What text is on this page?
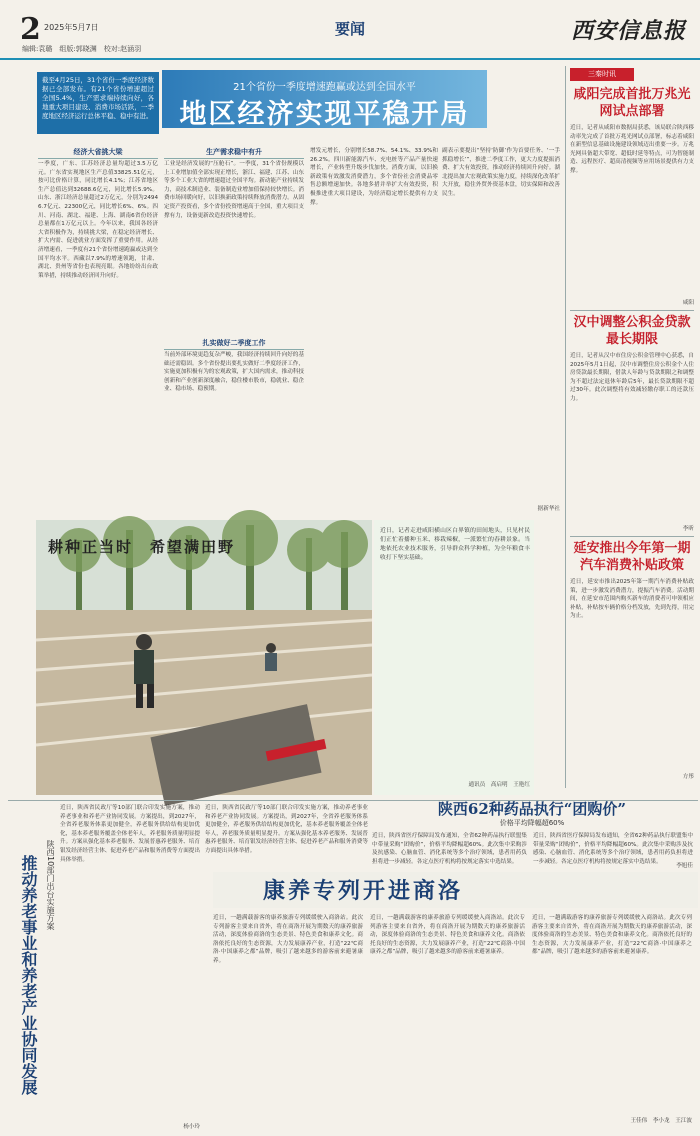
2 2025年5月7日
编辑:袁璐　组版:郭晓渊　校对:赵涵羽
要闻	西安信息报
截至4月25日，31个省份一季度经济数据已全部发布。有21个省份增速超过全国5.4%，生产需求端持续向好，各地重大项目建设、消费市场活跃，一季度地区经济运行总体平稳、稳中有进。
21个省份一季度增速跑赢或达到全国水平
地区经济实现平稳开局
经济大省挑大梁
一季度，广东、江苏经济总量均超过3.5万亿元。广东省实现地区生产总值33825.51亿元，按可比价格计算，同比增长4.1%；江苏省地区生产总值达到32688.6亿元，同比增长5.9%。山东、浙江经济总量超过2万亿元，分别为24946.7亿元、22300亿元，同比增长6%、6%。四川、河南、湖北、福建、上海、湖南6省份经济总量都在1万亿元以上。今年以来，我国各经济大省积极作为，持续挑大梁，在稳定经济增长、扩大内需、促进就业方面发挥了重要作用。从经济增速看，一季度有21个省份增速跑赢或达到全国平均水平。西藏以7.9%的增速领跑，甘肃、湖北、贵州等省份也表现亮眼。各地纷纷出台政策举措，持续推动经济回升向好。
生产需求稳中有升
工业是经济发展的“压舱石”。一季度，31个省份规模以上工业增加值全部实现正增长，浙江、福建、江苏、山东等多个工业大省的增速超过全国平均。新动能产业持续发力，高技术制造业、装备制造业增加值保持较快增长。消费市场回暖向好，以旧换新政策持续释放消费潜力。从固定资产投资看，多个省份投资增速高于全国，重大项目支撑有力，设备更新改造投资快速增长。
扎实做好二季度工作
当前外部环境更趋复杂严峻，我国经济持续回升向好的基础还需稳固。多个省份提出要扎实做好二季度经济工作，实施更加积极有为的宏观政策，扩大国内需求，推动科技创新和产业创新深度融合，稳住楼市股市，稳就业、稳企业、稳市场、稳预期。
增发元增长，分别增长58.7%、54.1%、33.9%和26.2%。四川新能源汽车、充电桩等产品产量快速增长，产业转型升级步伐加快。消费方面，以旧换新政策有效激发消费潜力，多个省份社会消费品零售总额增速加快。各地多措并举扩大有效投资，积极推进重大项目建设，为经济稳定增长提供有力支撑。
副表示要提出“坚持‘防御’作为首要任务、‘一手抓稳增长’”，推进二季度工作，更大力度提振消费、扩大有效投资，推动经济持续回升向好。湖北提出加大宏观政策实施力度，持续深化改革扩大开放，稳住外贸外资基本盘，切实保障和改善民生。
据新华社
三秦时讯
咸阳完成首批万兆光网试点部署
近日，记者从咸阳市数据局获悉，该局联合陕西移动率先完成了首批万兆光网试点部署，标志着咸阳在新型信息基础设施建设领域迈出重要一步。万兆光网具备超大带宽、超低时延等特点，可为智能制造、远程医疗、超高清视频等应用场景提供有力支撑。
咸阳
汉中调整公积金贷款最长期限
近日，记者从汉中市住房公积金管理中心获悉，自2025年5月1日起，汉中市调整住房公积金个人住房贷款最长期限，借款人年龄与贷款期限之和调整为不超过法定退休年龄后5年，最长贷款期限不超过30年。此次调整将有效减轻缴存职工的还款压力。
李昕
延安推出今年第一期汽车消费补贴政策
近日，延安市推出2025年第一期汽车消费补贴政策，进一步激发消费潜力，提振汽车消费。活动期间，在延安市范围内购买新车的消费者可申领相应补贴，补贴按车辆价格分档发放，先到先得，用完为止。
方彤
耕种正当时　希望满田野
近日，记者走进咸阳横山区白界镇的田间地头，只见村民们正忙着播种玉米、移栽辣椒，一派繁忙的春耕景象。当地依托农业技术服务，引导群众科学种植，为全年粮食丰收打下坚实基础。
通讯员　高启明　王艳红
推动养老事业和养老产业协同发展	陕西10部门出台实施方案
近日，陕西省民政厅等10部门联合印发实施方案，推动养老事业和养老产业协同发展。方案提出，到2027年，全省养老服务体系更加健全，养老服务供给结构更加优化，基本养老服务覆盖全体老年人，养老服务质量明显提升。方案从强化基本养老服务、发展普惠养老服务、培育银发经济经营主体、促进养老产品和服务消费等方面提出具体举措。
杨小玲
近日，陕西省民政厅等10部门联合印发实施方案，推动养老事业和养老产业协同发展。方案提出，到2027年，全省养老服务体系更加健全，养老服务供给结构更加优化，基本养老服务覆盖全体老年人，养老服务质量明显提升。方案从强化基本养老服务、发展普惠养老服务、培育银发经济经营主体、促进养老产品和服务消费等方面提出具体举措。
陕西62种药品执行“团购价”
价格平均降幅超60%
近日，陕西省医疗保障局发布通知，全省62种药品执行联盟集中带量采购“团购价”，价格平均降幅超60%。此次集中采购涉及抗感染、心脑血管、消化系统等多个治疗领域，患者用药负担将进一步减轻。各定点医疗机构将按规定落实中选结果。
近日，陕西省医疗保障局发布通知，全省62种药品执行联盟集中带量采购“团购价”，价格平均降幅超60%。此次集中采购涉及抗感染、心脑血管、消化系统等多个治疗领域，患者用药负担将进一步减轻。各定点医疗机构将按规定落实中选结果。
李旭佳
康养专列开进商洛
近日，一趟满载游客的康养旅游专列缓缓驶入商洛站。此次专列游客主要来自省外，将在商洛开展为期数天的康养旅游活动，深度体验商洛的生态美景、特色美食和康养文化。商洛依托良好的生态资源，大力发展康养产业，打造“22℃商洛·中国康养之都”品牌，吸引了越来越多的游客前来避暑康养。
近日，一趟满载游客的康养旅游专列缓缓驶入商洛站。此次专列游客主要来自省外，将在商洛开展为期数天的康养旅游活动，深度体验商洛的生态美景、特色美食和康养文化。商洛依托良好的生态资源，大力发展康养产业，打造“22℃商洛·中国康养之都”品牌，吸引了越来越多的游客前来避暑康养。
近日，一趟满载游客的康养旅游专列缓缓驶入商洛站。此次专列游客主要来自省外，将在商洛开展为期数天的康养旅游活动，深度体验商洛的生态美景、特色美食和康养文化。商洛依托良好的生态资源，大力发展康养产业，打造“22℃商洛·中国康养之都”品牌，吸引了越来越多的游客前来避暑康养。
王佳伟　李小龙　王江波
